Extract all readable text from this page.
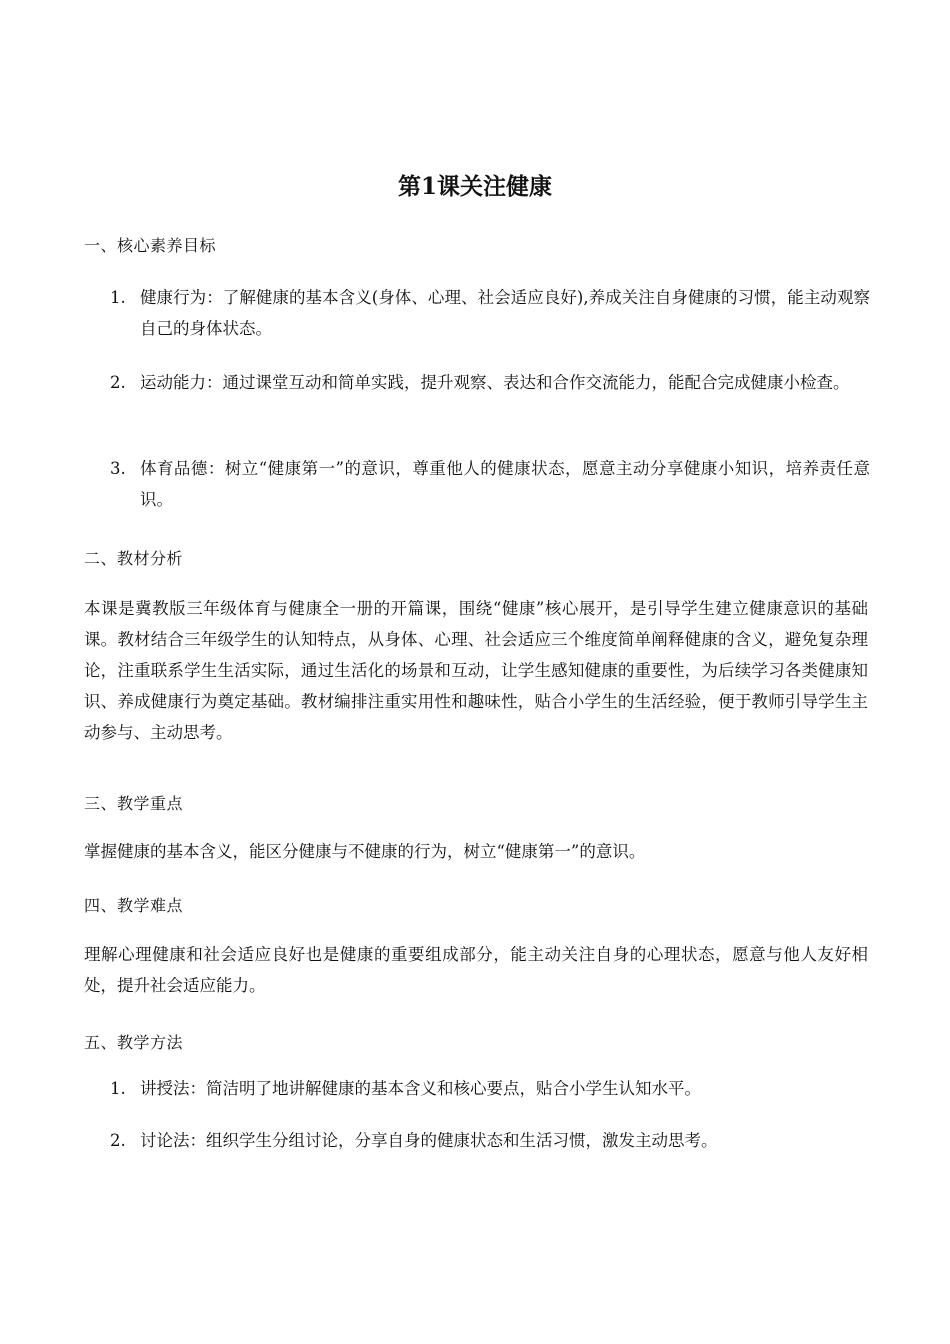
第1课关注健康

一、核心素养目标

1. 健康行为：了解健康的基本含义(身体、心理、社会适应良好),养成关注自身健康的习惯，能主动观察自己的身体状态。
2. 运动能力：通过课堂互动和简单实践，提升观察、表达和合作交流能力，能配合完成健康小检查。
3. 体育品德：树立“健康第一”的意识，尊重他人的健康状态，愿意主动分享健康小知识，培养责任意识。

二、教材分析

本课是冀教版三年级体育与健康全一册的开篇课，围绕“健康”核心展开，是引导学生建立健康意识的基础课。教材结合三年级学生的认知特点，从身体、心理、社会适应三个维度简单阐释健康的含义，避免复杂理论，注重联系学生生活实际，通过生活化的场景和互动，让学生感知健康的重要性，为后续学习各类健康知识、养成健康行为奠定基础。教材编排注重实用性和趣味性，贴合小学生的生活经验，便于教师引导学生主动参与、主动思考。

三、教学重点

掌握健康的基本含义，能区分健康与不健康的行为，树立“健康第一”的意识。

四、教学难点

理解心理健康和社会适应良好也是健康的重要组成部分，能主动关注自身的心理状态，愿意与他人友好相处，提升社会适应能力。

五、教学方法

1. 讲授法：简洁明了地讲解健康的基本含义和核心要点，贴合小学生认知水平。
2. 讨论法：组织学生分组讨论，分享自身的健康状态和生活习惯，激发主动思考。
